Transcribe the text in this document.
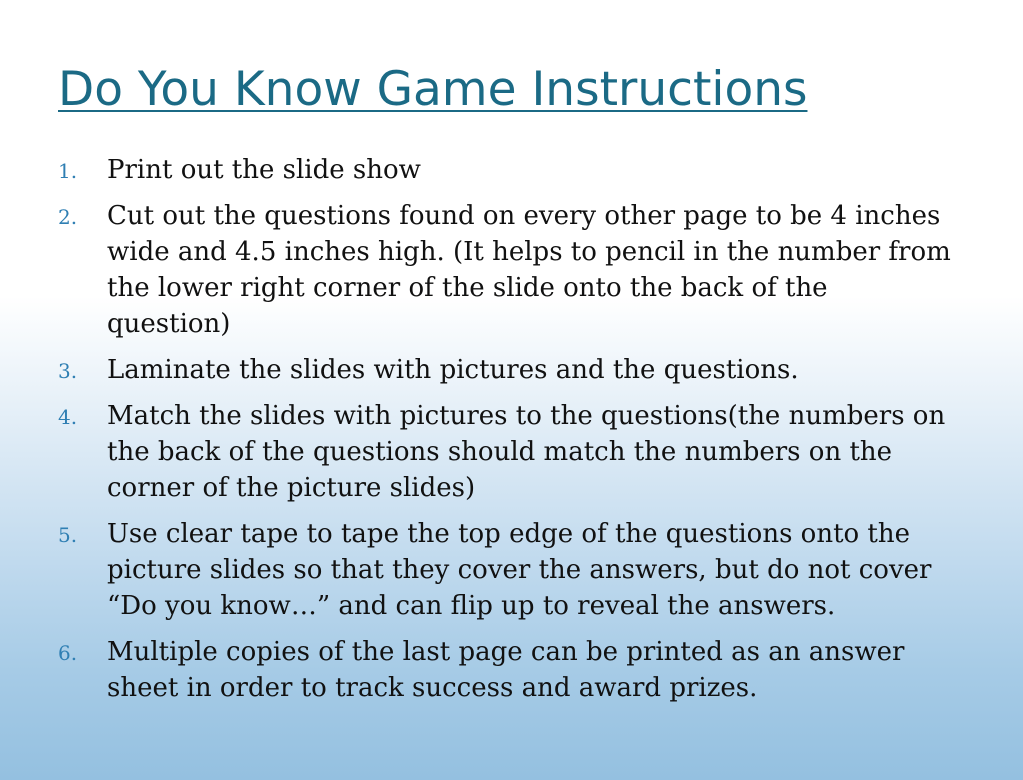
Do You Know Game Instructions
1. Print out the slide show
2. Cut out the questions found on every other page to be 4 inches wide and 4.5 inches high. (It helps to pencil in the number from the lower right corner of the slide onto the back of the question)
3. Laminate the slides with pictures and the questions.
4. Match the slides with pictures to the questions(the numbers on the back of the questions should match the numbers on the corner of the picture slides)
5. Use clear tape to tape the top edge of the questions onto the picture slides so that they cover the answers, but do not cover “Do you know…” and can flip up to reveal the answers.
6. Multiple copies of the last page can be printed as an answer sheet in order to track success and award prizes.
